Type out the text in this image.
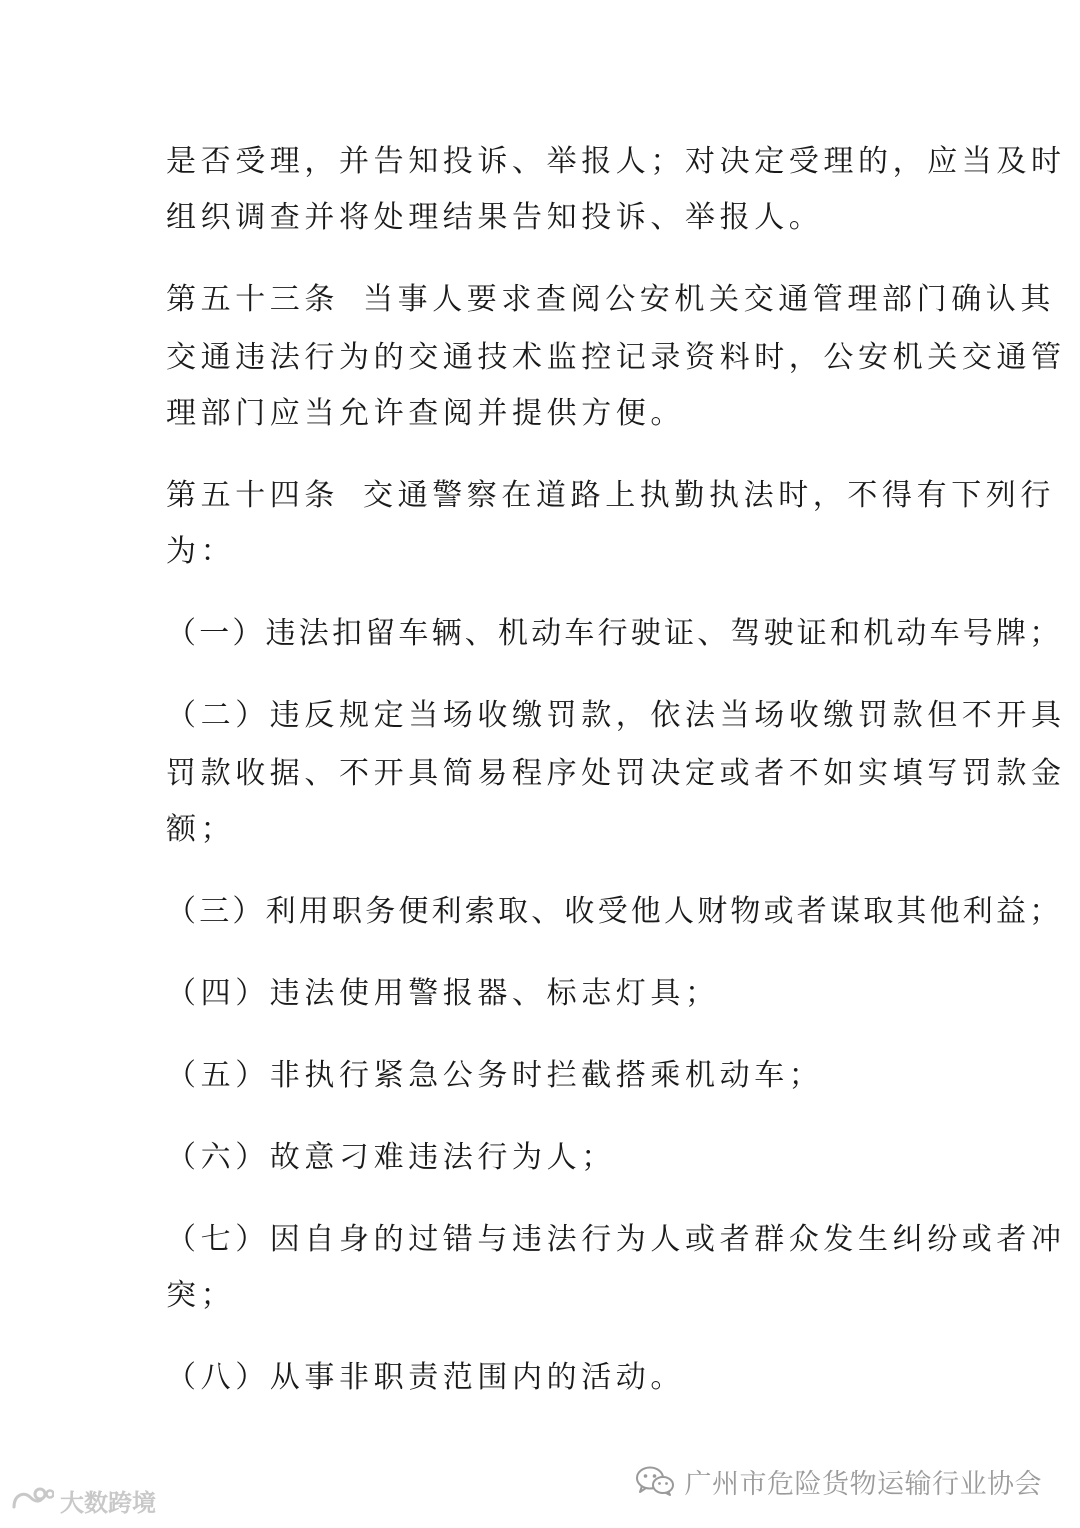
是否受理，并告知投诉、举报人；对决定受理的，应当及时
组织调查并将处理结果告知投诉、举报人。
第五十三条 当事人要求查阅公安机关交通管理部门确认其
交通违法行为的交通技术监控记录资料时，公安机关交通管
理部门应当允许查阅并提供方便。
第五十四条 交通警察在道路上执勤执法时，不得有下列行
为：
（一）违法扣留车辆、机动车行驶证、驾驶证和机动车号牌；
（二）违反规定当场收缴罚款，依法当场收缴罚款但不开具
罚款收据、不开具简易程序处罚决定或者不如实填写罚款金
额；
（三）利用职务便利索取、收受他人财物或者谋取其他利益；
（四）违法使用警报器、标志灯具；
（五）非执行紧急公务时拦截搭乘机动车；
（六）故意刁难违法行为人；
（七）因自身的过错与违法行为人或者群众发生纠纷或者冲
突；
（八）从事非职责范围内的活动。
广州市危险货物运输行业协会
大数跨境
